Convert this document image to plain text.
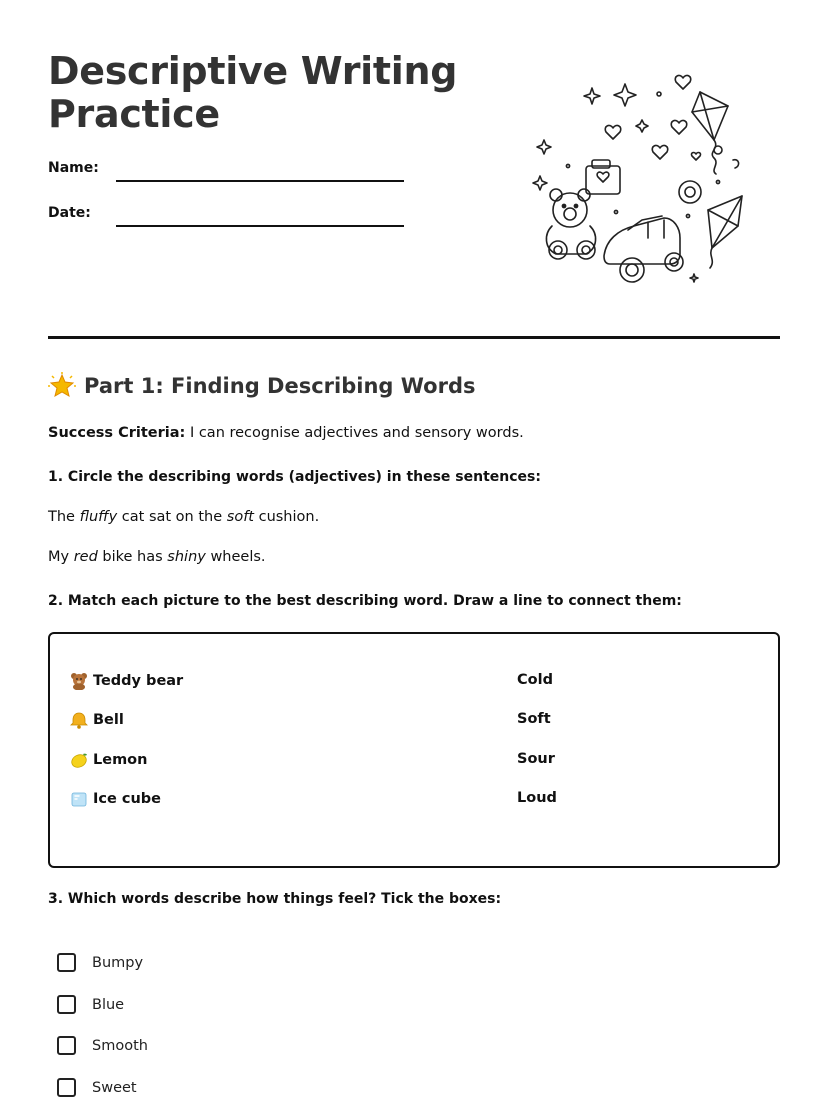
Descriptive Writing
Practice
Name:
Date:
Part 1: Finding Describing Words

Success Criteria: I can recognise adjectives and sensory words.

1. Circle the describing words (adjectives) in these sentences:

The fluffy cat sat on the soft cushion.

My red bike has shiny wheels.

2. Match each picture to the best describing word. Draw a line to connect them:

Teddy bear
Bell
Lemon
Ice cube
Cold
Soft
Sour
Loud

3. Which words describe how things feel? Tick the boxes:

Bumpy
Blue
Smooth
Sweet
